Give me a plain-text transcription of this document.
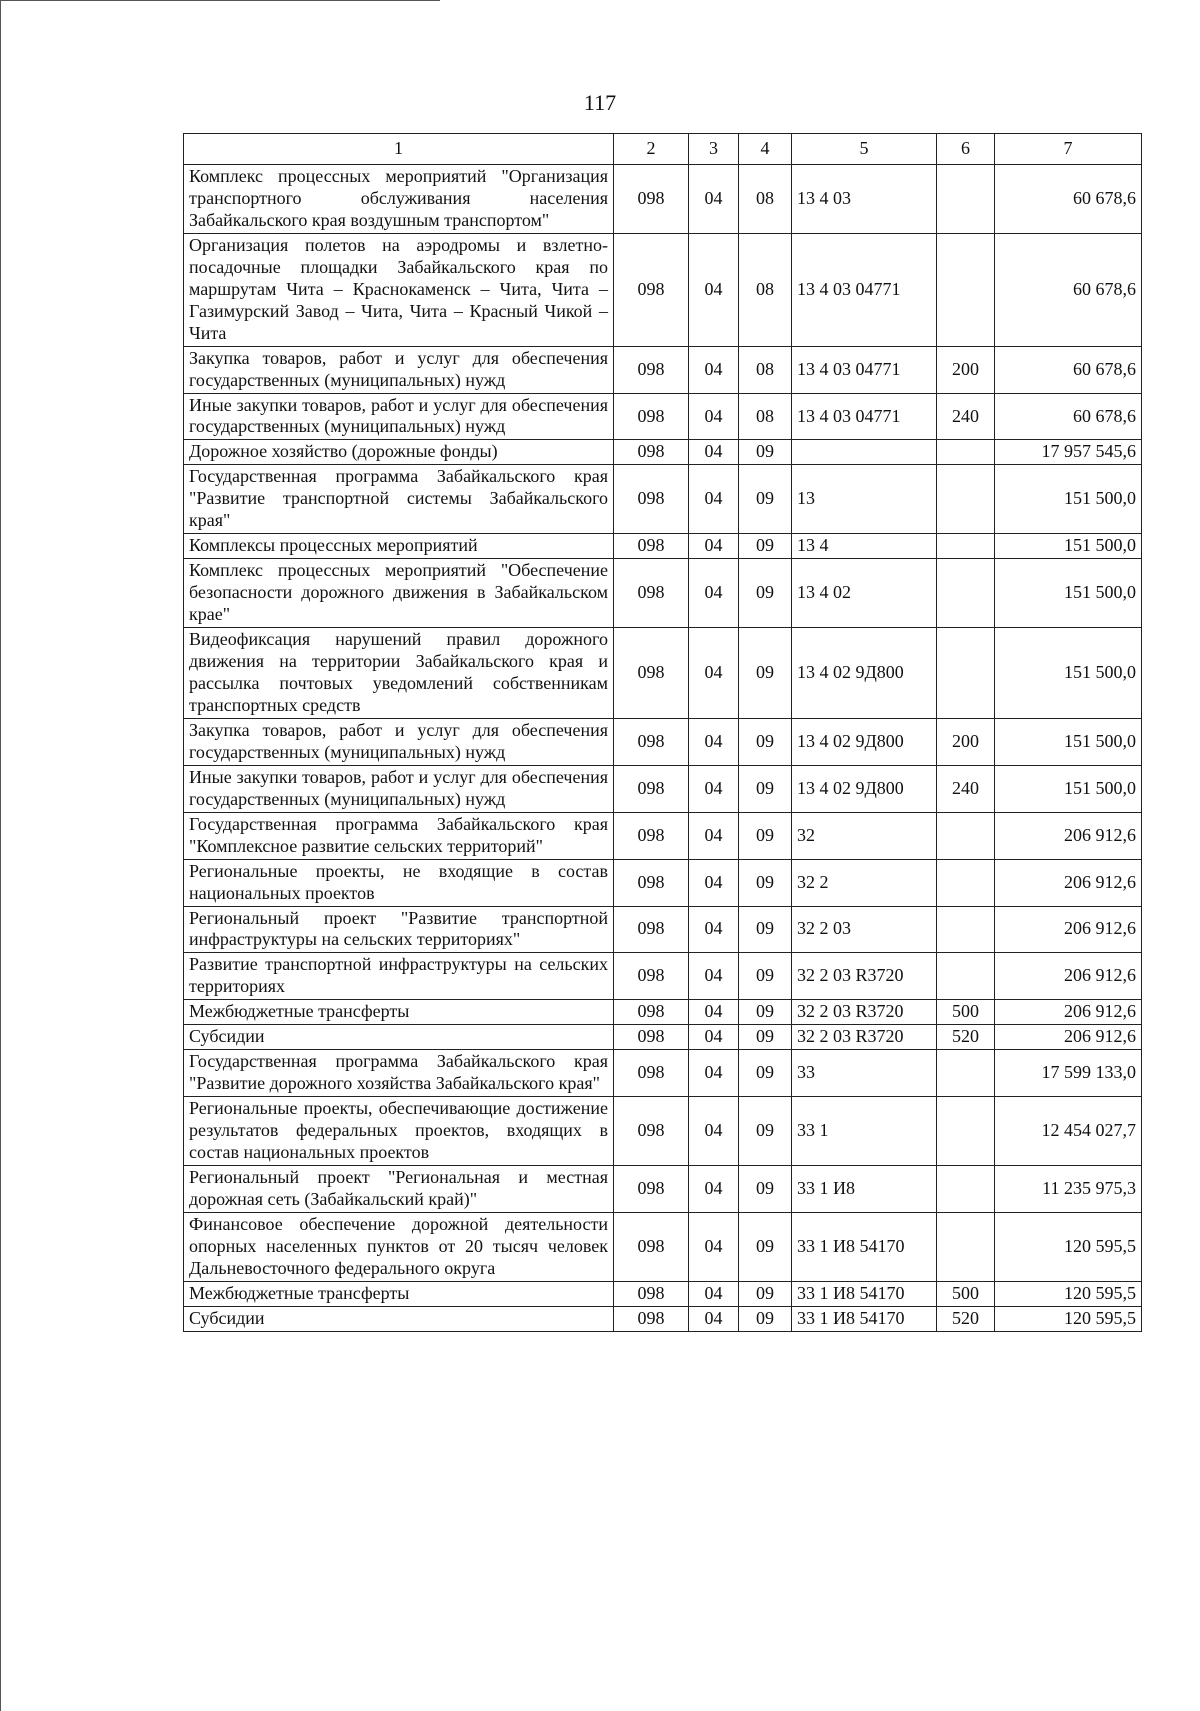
117
1	2	3	4	5	6	7
Комплекс процессных мероприятий "Организация транспортного обслуживания населения Забайкальского края воздушным транспортом"	098	04	08	13 4 03		60 678,6
Организация полетов на аэродромы и взлетно-посадочные площадки Забайкальского края по маршрутам Чита – Краснокаменск – Чита, Чита – Газимурский Завод – Чита, Чита – Красный Чикой – Чита	098	04	08	13 4 03 04771		60 678,6
Закупка товаров, работ и услуг для обеспечения государственных (муниципальных) нужд	098	04	08	13 4 03 04771	200	60 678,6
Иные закупки товаров, работ и услуг для обеспечения государственных (муниципальных) нужд	098	04	08	13 4 03 04771	240	60 678,6
Дорожное хозяйство (дорожные фонды)	098	04	09			17 957 545,6
Государственная программа Забайкальского края "Развитие транспортной системы Забайкальского края"	098	04	09	13		151 500,0
Комплексы процессных мероприятий	098	04	09	13 4		151 500,0
Комплекс процессных мероприятий "Обеспечение безопасности дорожного движения в Забайкальском крае"	098	04	09	13 4 02		151 500,0
Видеофиксация нарушений правил дорожного движения на территории Забайкальского края и рассылка почтовых уведомлений собственникам транспортных средств	098	04	09	13 4 02 9Д800		151 500,0
Закупка товаров, работ и услуг для обеспечения государственных (муниципальных) нужд	098	04	09	13 4 02 9Д800	200	151 500,0
Иные закупки товаров, работ и услуг для обеспечения государственных (муниципальных) нужд	098	04	09	13 4 02 9Д800	240	151 500,0
Государственная программа Забайкальского края "Комплексное развитие сельских территорий"	098	04	09	32		206 912,6
Региональные проекты, не входящие в состав национальных проектов	098	04	09	32 2		206 912,6
Региональный проект "Развитие транспортной инфраструктуры на сельских территориях"	098	04	09	32 2 03		206 912,6
Развитие транспортной инфраструктуры на сельских территориях	098	04	09	32 2 03 R3720		206 912,6
Межбюджетные трансферты	098	04	09	32 2 03 R3720	500	206 912,6
Субсидии	098	04	09	32 2 03 R3720	520	206 912,6
Государственная программа Забайкальского края "Развитие дорожного хозяйства Забайкальского края"	098	04	09	33		17 599 133,0
Региональные проекты, обеспечивающие достижение результатов федеральных проектов, входящих в состав национальных проектов	098	04	09	33 1		12 454 027,7
Региональный проект "Региональная и местная дорожная сеть (Забайкальский край)"	098	04	09	33 1 И8		11 235 975,3
Финансовое обеспечение дорожной деятельности опорных населенных пунктов от 20 тысяч человек Дальневосточного федерального округа	098	04	09	33 1 И8 54170		120 595,5
Межбюджетные трансферты	098	04	09	33 1 И8 54170	500	120 595,5
Субсидии	098	04	09	33 1 И8 54170	520	120 595,5
